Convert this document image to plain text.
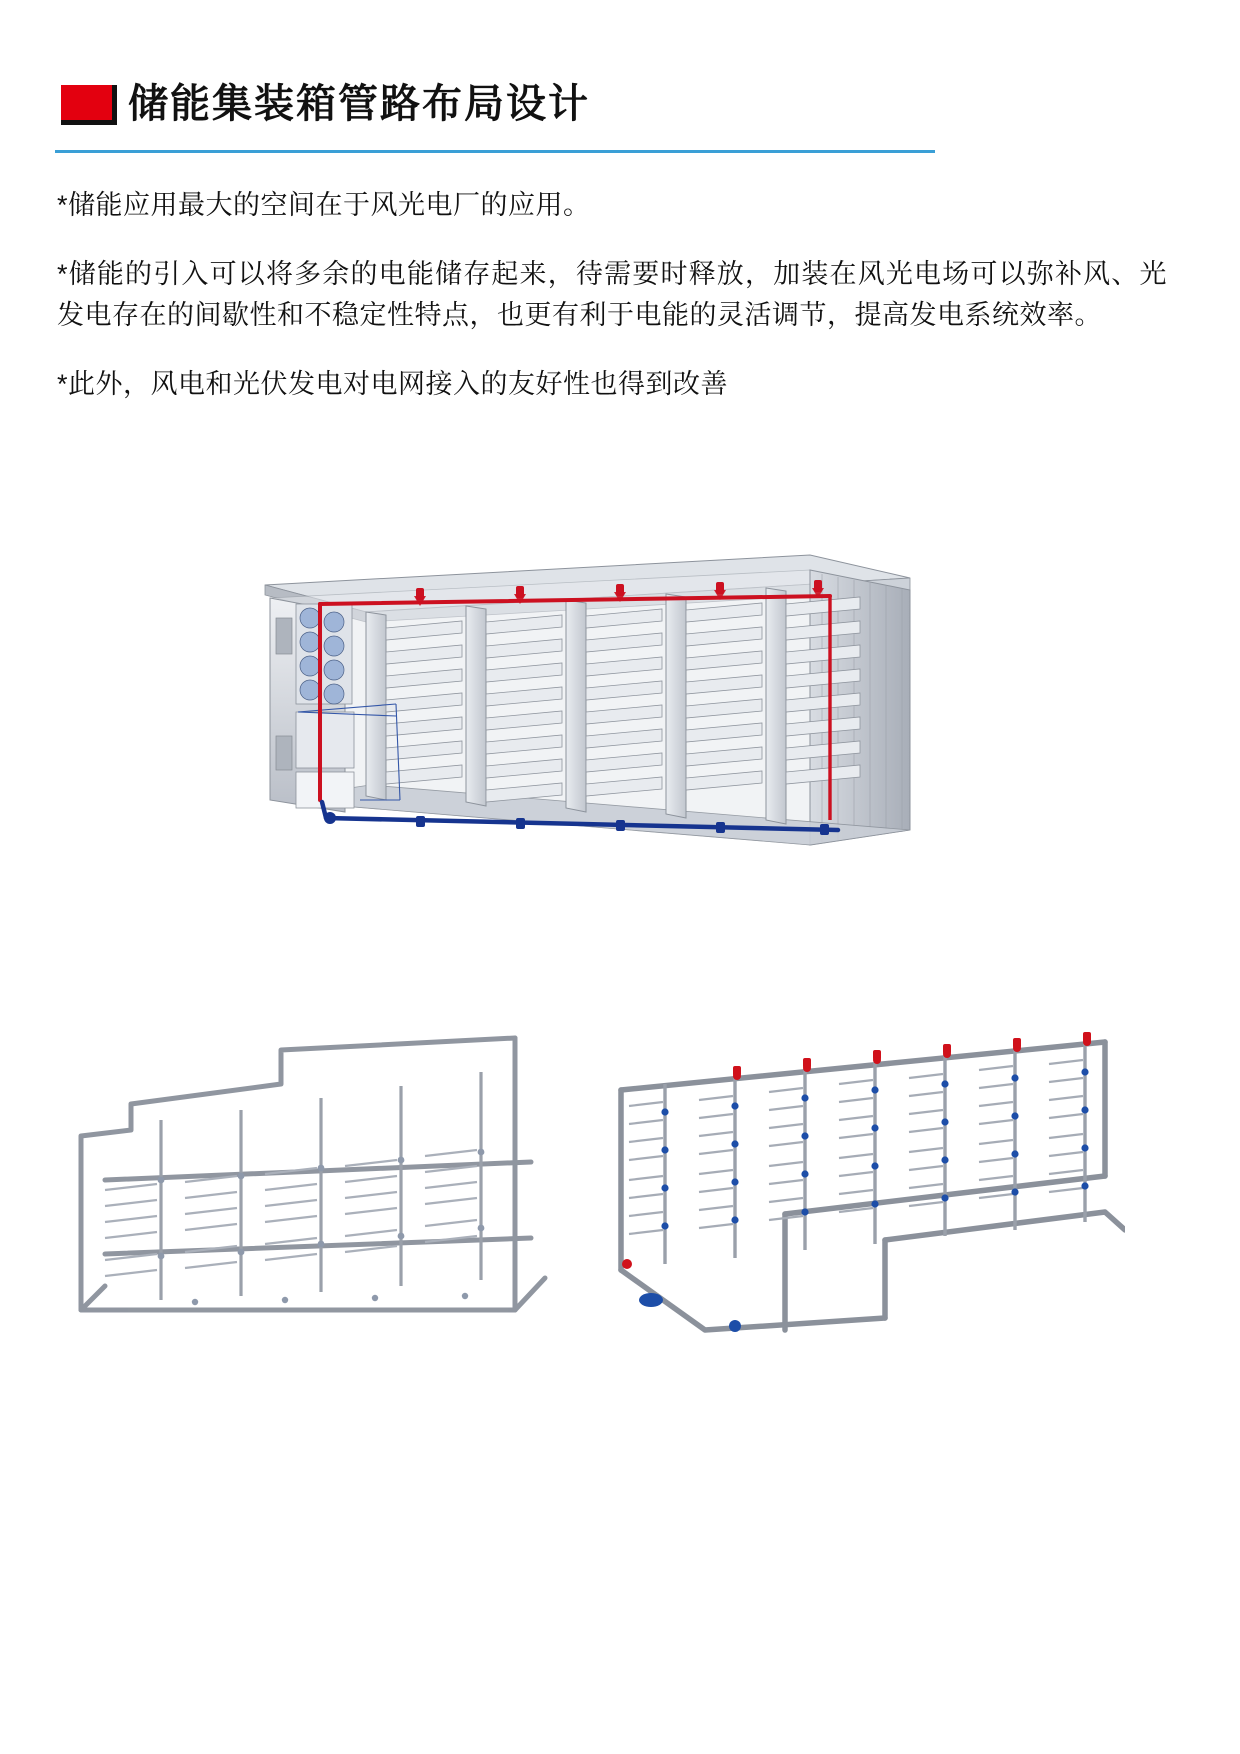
储能集装箱管路布局设计

*储能应用最大的空间在于风光电厂的应用。

*储能的引入可以将多余的电能储存起来，待需要时释放，加装在风光电场可以弥补风、光发电存在的间歇性和不稳定性特点，也更有利于电能的灵活调节，提高发电系统效率。

*此外，风电和光伏发电对电网接入的友好性也得到改善
